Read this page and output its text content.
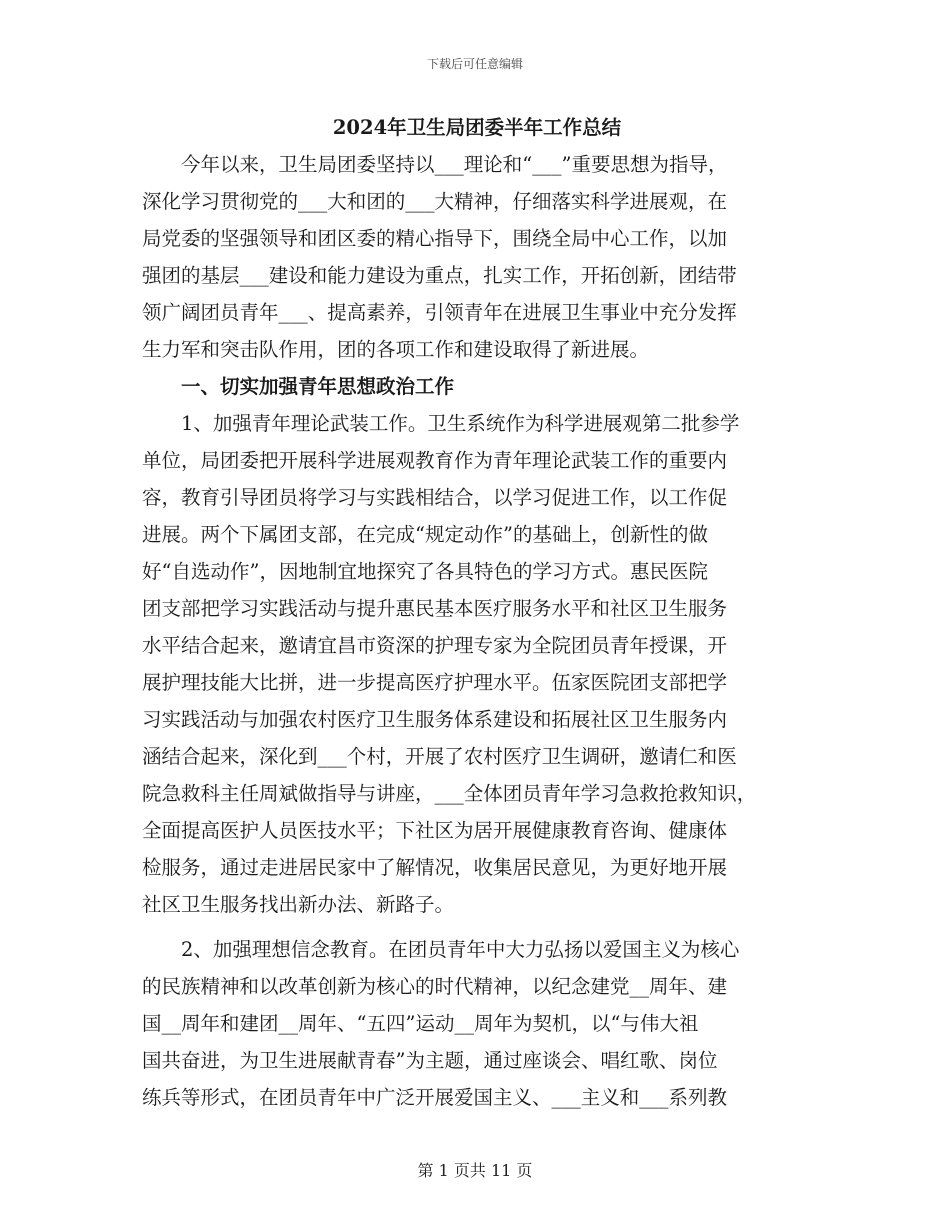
下载后可任意编辑
2024年卫生局团委半年工作总结
今年以来，卫生局团委坚持以___理论和“___”重要思想为指导，
深化学习贯彻党的___大和团的___大精神，仔细落实科学进展观，在
局党委的坚强领导和团区委的精心指导下，围绕全局中心工作，以加
强团的基层___建设和能力建设为重点，扎实工作，开拓创新，团结带
领广阔团员青年___、提高素养，引领青年在进展卫生事业中充分发挥
生力军和突击队作用，团的各项工作和建设取得了新进展。
一、切实加强青年思想政治工作
1、加强青年理论武装工作。卫生系统作为科学进展观第二批参学
单位，局团委把开展科学进展观教育作为青年理论武装工作的重要内
容，教育引导团员将学习与实践相结合，以学习促进工作，以工作促
进展。两个下属团支部，在完成“规定动作”的基础上，创新性的做
好“自选动作”，因地制宜地探究了各具特色的学习方式。惠民医院
团支部把学习实践活动与提升惠民基本医疗服务水平和社区卫生服务
水平结合起来，邀请宜昌市资深的护理专家为全院团员青年授课，开
展护理技能大比拼，进一步提高医疗护理水平。伍家医院团支部把学
习实践活动与加强农村医疗卫生服务体系建设和拓展社区卫生服务内
涵结合起来，深化到___个村，开展了农村医疗卫生调研，邀请仁和医
院急救科主任周斌做指导与讲座，___全体团员青年学习急救抢救知识，
全面提高医护人员医技水平；下社区为居开展健康教育咨询、健康体
检服务，通过走进居民家中了解情况，收集居民意见，为更好地开展
社区卫生服务找出新办法、新路子。
2、加强理想信念教育。在团员青年中大力弘扬以爱国主义为核心
的民族精神和以改革创新为核心的时代精神，以纪念建党__周年、建
国__周年和建团__周年、“五四”运动__周年为契机，以“与伟大祖
国共奋进，为卫生进展献青春”为主题，通过座谈会、唱红歌、岗位
练兵等形式，在团员青年中广泛开展爱国主义、___主义和___系列教
第 1 页共 11 页
